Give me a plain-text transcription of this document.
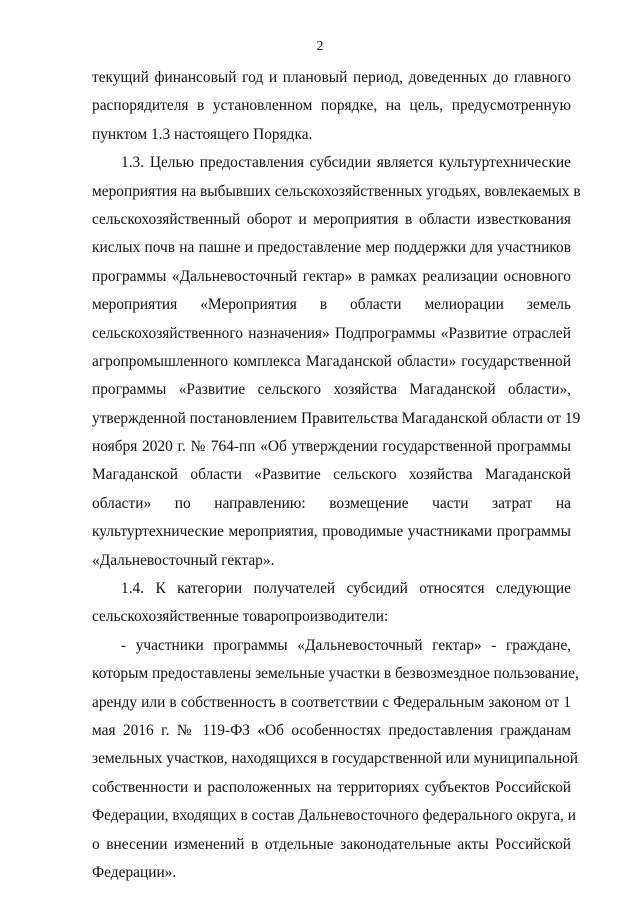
2
текущий финансовый год и плановый период, доведенных до главного
распорядителя в установленном порядке, на цель, предусмотренную
пунктом 1.3 настоящего Порядка.
1.3. Целью предоставления субсидии является культуртехнические
мероприятия на выбывших сельскохозяйственных угодьях, вовлекаемых в
сельскохозяйственный оборот и мероприятия в области известкования
кислых почв на пашне и предоставление мер поддержки для участников
программы «Дальневосточный гектар» в рамках реализации основного
мероприятия «Мероприятия в области мелиорации земель
сельскохозяйственного назначения» Подпрограммы «Развитие отраслей
агропромышленного комплекса Магаданской области» государственной
программы «Развитие сельского хозяйства Магаданской области»,
утвержденной постановлением Правительства Магаданской области от 19
ноября 2020 г. № 764-пп «Об утверждении государственной программы
Магаданской области «Развитие сельского хозяйства Магаданской
области» по направлению: возмещение части затрат на
культуртехнические мероприятия, проводимые участниками программы
«Дальневосточный гектар».
1.4. К категории получателей субсидий относятся следующие
сельскохозяйственные товаропроизводители:
- участники программы «Дальневосточный гектар» - граждане,
которым предоставлены земельные участки в безвозмездное пользование,
аренду или в собственность в соответствии с Федеральным законом от 1
мая 2016 г. № 119-ФЗ «Об особенностях предоставления гражданам
земельных участков, находящихся в государственной или муниципальной
собственности и расположенных на территориях субъектов Российской
Федерации, входящих в состав Дальневосточного федерального округа, и
о внесении изменений в отдельные законодательные акты Российской
Федерации».
